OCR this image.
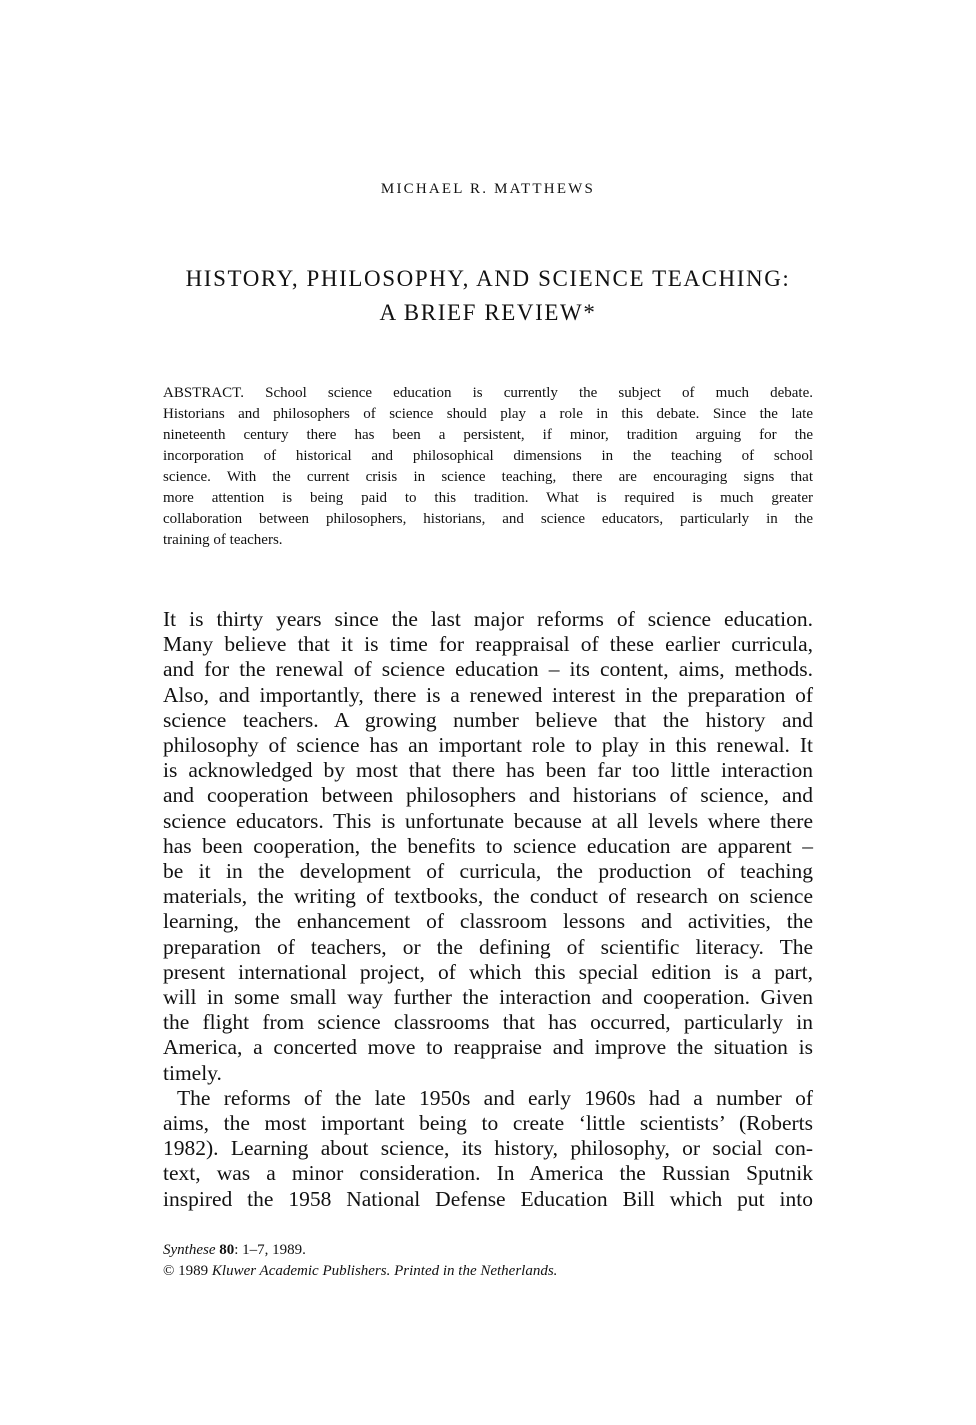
MICHAEL R. MATTHEWS
HISTORY, PHILOSOPHY, AND SCIENCE TEACHING:
A BRIEF REVIEW*
ABSTRACT. School science education is currently the subject of much debate.
Historians and philosophers of science should play a role in this debate. Since the late
nineteenth century there has been a persistent, if minor, tradition arguing for the
incorporation of historical and philosophical dimensions in the teaching of school
science. With the current crisis in science teaching, there are encouraging signs that
more attention is being paid to this tradition. What is required is much greater
collaboration between philosophers, historians, and science educators, particularly in the
training of teachers.
It is thirty years since the last major reforms of science education.
Many believe that it is time for reappraisal of these earlier curricula,
and for the renewal of science education – its content, aims, methods.
Also, and importantly, there is a renewed interest in the preparation of
science teachers. A growing number believe that the history and
philosophy of science has an important role to play in this renewal. It
is acknowledged by most that there has been far too little interaction
and cooperation between philosophers and historians of science, and
science educators. This is unfortunate because at all levels where there
has been cooperation, the benefits to science education are apparent –
be it in the development of curricula, the production of teaching
materials, the writing of textbooks, the conduct of research on science
learning, the enhancement of classroom lessons and activities, the
preparation of teachers, or the defining of scientific literacy. The
present international project, of which this special edition is a part,
will in some small way further the interaction and cooperation. Given
the flight from science classrooms that has occurred, particularly in
America, a concerted move to reappraise and improve the situation is
timely.
The reforms of the late 1950s and early 1960s had a number of
aims, the most important being to create ‘little scientists’ (Roberts
1982). Learning about science, its history, philosophy, or social con-
text, was a minor consideration. In America the Russian Sputnik
inspired the 1958 National Defense Education Bill which put into
Synthese 80: 1–7, 1989.
© 1989 Kluwer Academic Publishers. Printed in the Netherlands.
